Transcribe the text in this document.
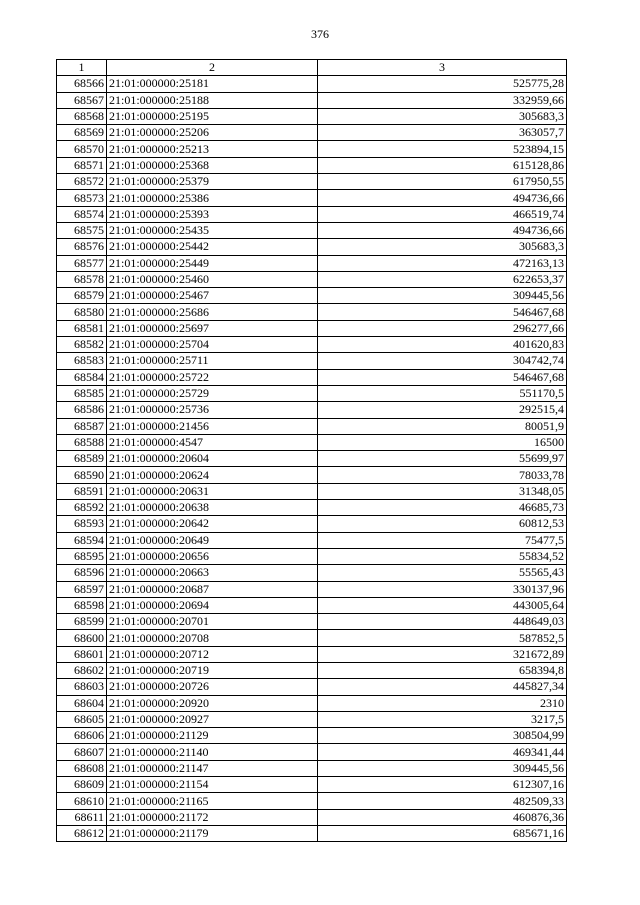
376
1	2	3
68566	21:01:000000:25181	525775,28
68567	21:01:000000:25188	332959,66
68568	21:01:000000:25195	305683,3
68569	21:01:000000:25206	363057,7
68570	21:01:000000:25213	523894,15
68571	21:01:000000:25368	615128,86
68572	21:01:000000:25379	617950,55
68573	21:01:000000:25386	494736,66
68574	21:01:000000:25393	466519,74
68575	21:01:000000:25435	494736,66
68576	21:01:000000:25442	305683,3
68577	21:01:000000:25449	472163,13
68578	21:01:000000:25460	622653,37
68579	21:01:000000:25467	309445,56
68580	21:01:000000:25686	546467,68
68581	21:01:000000:25697	296277,66
68582	21:01:000000:25704	401620,83
68583	21:01:000000:25711	304742,74
68584	21:01:000000:25722	546467,68
68585	21:01:000000:25729	551170,5
68586	21:01:000000:25736	292515,4
68587	21:01:000000:21456	80051,9
68588	21:01:000000:4547	16500
68589	21:01:000000:20604	55699,97
68590	21:01:000000:20624	78033,78
68591	21:01:000000:20631	31348,05
68592	21:01:000000:20638	46685,73
68593	21:01:000000:20642	60812,53
68594	21:01:000000:20649	75477,5
68595	21:01:000000:20656	55834,52
68596	21:01:000000:20663	55565,43
68597	21:01:000000:20687	330137,96
68598	21:01:000000:20694	443005,64
68599	21:01:000000:20701	448649,03
68600	21:01:000000:20708	587852,5
68601	21:01:000000:20712	321672,89
68602	21:01:000000:20719	658394,8
68603	21:01:000000:20726	445827,34
68604	21:01:000000:20920	2310
68605	21:01:000000:20927	3217,5
68606	21:01:000000:21129	308504,99
68607	21:01:000000:21140	469341,44
68608	21:01:000000:21147	309445,56
68609	21:01:000000:21154	612307,16
68610	21:01:000000:21165	482509,33
68611	21:01:000000:21172	460876,36
68612	21:01:000000:21179	685671,16
